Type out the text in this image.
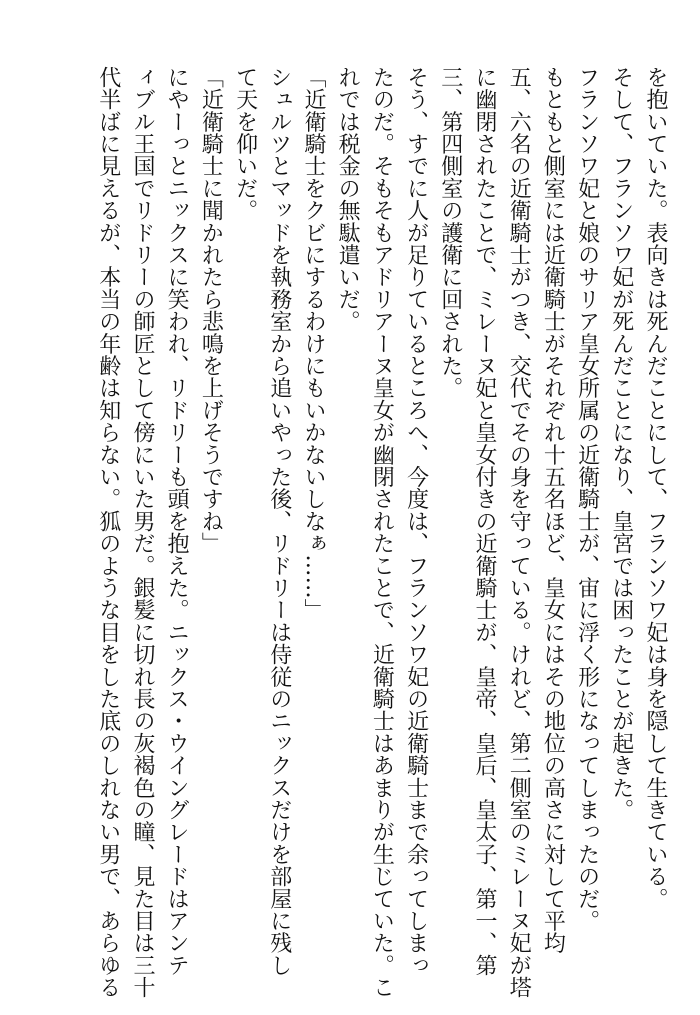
を抱いていた。表向きは死んだことにして、フランソワ妃は身を隠して生きている。
そして、フランソワ妃が死んだことになり、皇宮では困ったことが起きた。
フランソワ妃と娘のサリア皇女所属の近衛騎士が、宙に浮く形になってしまったのだ。
もともと側室には近衛騎士がそれぞれ十五名ほど、皇女にはその地位の高さに対して平均
五、六名の近衛騎士がつき、交代でその身を守っている。けれど、第二側室のミレーヌ妃が塔
に幽閉されたことで、ミレーヌ妃と皇女付きの近衛騎士が、皇帝、皇后、皇太子、第一、第
三、第四側室の護衛に回された。
そう、すでに人が足りているところへ、今度は、フランソワ妃の近衛騎士まで余ってしまっ
たのだ。そもそもアドリアーヌ皇女が幽閉されたことで、近衛騎士はあまりが生じていた。こ
れでは税金の無駄遣いだ。
「近衛騎士をクビにするわけにもいかないしなぁ……」
シュルツとマッドを執務室から追いやった後、リドリーは侍従のニックスだけを部屋に残し
て天を仰いだ。
「近衛騎士に聞かれたら悲鳴を上げそうですね」
にやーっとニックスに笑われ、リドリーも頭を抱えた。ニックス・ウイングレードはアンテ
ィブル王国でリドリーの師匠として傍にいた男だ。銀髪に切れ長の灰褐色の瞳、見た目は三十
代半ばに見えるが、本当の年齢は知らない。狐のような目をした底のしれない男で、あらゆる
